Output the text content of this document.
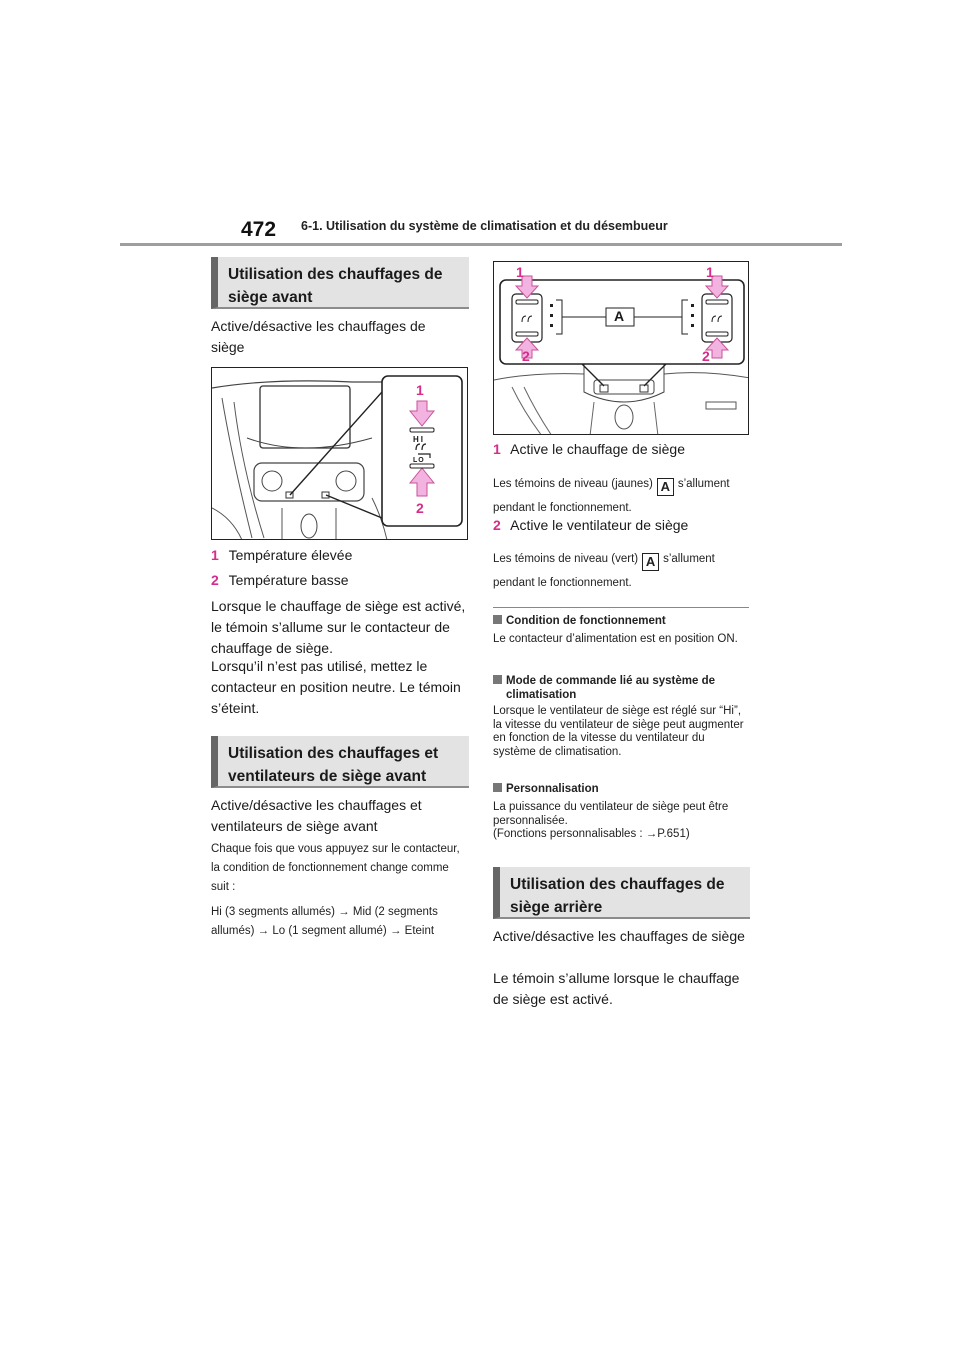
472 6-1. Utilisation du système de climatisation et du désembueur
Utilisation des chauffages de siège avant
Active/désactive les chauffages de siège
1
2
HI
LO
1 Température élevée
2 Température basse
Lorsque le chauffage de siège est activé, le témoin s’allume sur le contacteur de chauffage de siège.
Lorsqu’il n’est pas utilisé, mettez le contacteur en position neutre. Le témoin s’éteint.
Utilisation des chauffages et ventilateurs de siège avant
Active/désactive les chauffages et ventilateurs de siège avant
Chaque fois que vous appuyez sur le contacteur, la condition de fonctionnement change comme suit :
Hi (3 segments allumés) → Mid (2 segments allumés) → Lo (1 segment allumé) → Eteint
A
1	1
2	2
1 Active le chauffage de siège
Les témoins de niveau (jaunes) A s’allument pendant le fonctionnement.
2 Active le ventilateur de siège
Les témoins de niveau (vert) A s’allument pendant le fonctionnement.
Condition de fonctionnement
Le contacteur d’alimentation est en position ON.
Mode de commande lié au système de climatisation
Lorsque le ventilateur de siège est réglé sur “Hi”, la vitesse du ventilateur de siège peut augmenter en fonction de la vitesse du ventilateur du système de climatisation.
Personnalisation
La puissance du ventilateur de siège peut être personnalisée.
(Fonctions personnalisables : →P.651)
Utilisation des chauffages de siège arrière
Active/désactive les chauffages de siège
Le témoin s’allume lorsque le chauffage de siège est activé.
